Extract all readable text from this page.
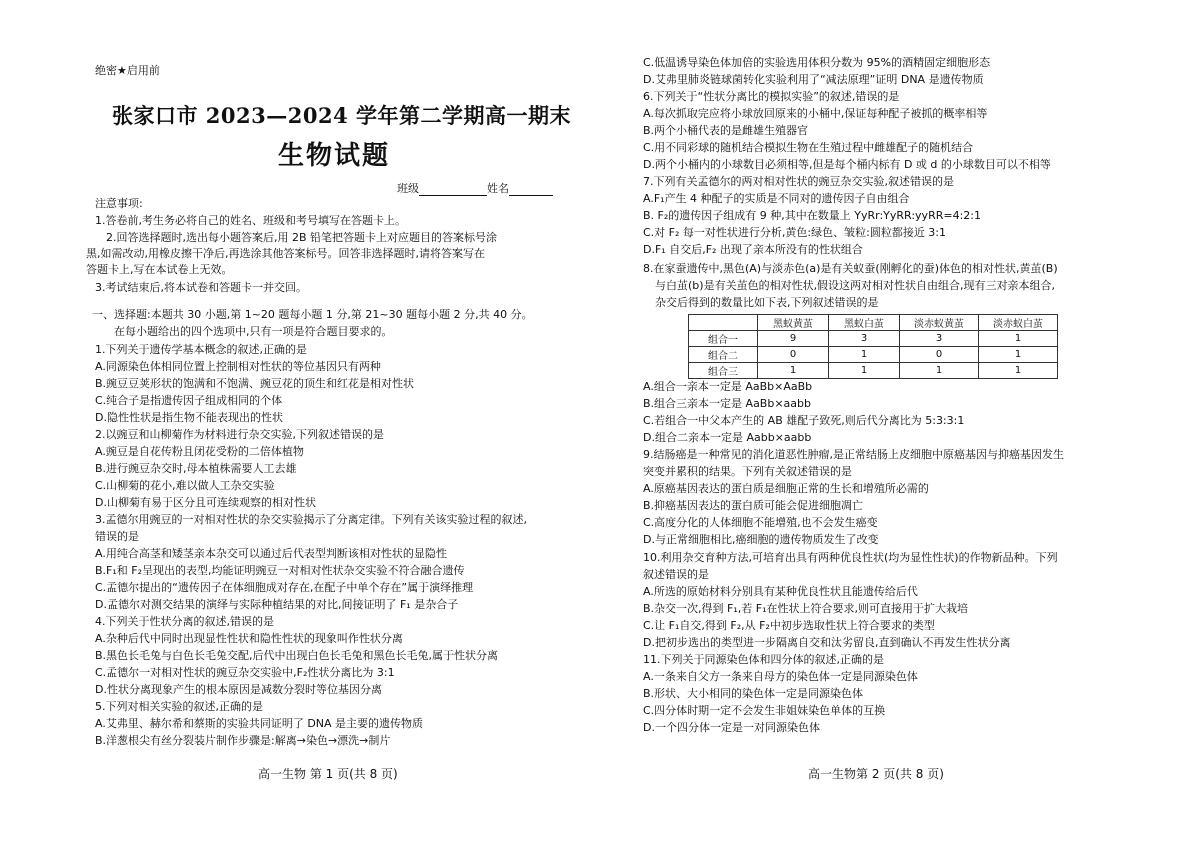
绝密★启用前
张家口市 2023—2024 学年第二学期高一期末
生物试题
班级	姓名
注意事项:
1.答卷前,考生务必将自己的姓名、班级和考号填写在答题卡上。
2.回答选择题时,选出每小题答案后,用 2B 铅笔把答题卡上对应题目的答案标号涂
黑,如需改动,用橡皮擦干净后,再选涂其他答案标号。回答非选择题时,请将答案写在
答题卡上,写在本试卷上无效。
3.考试结束后,将本试卷和答题卡一并交回。
一、选择题:本题共 30 小题,第 1~20 题每小题 1 分,第 21~30 题每小题 2 分,共 40 分。
在每小题给出的四个选项中,只有一项是符合题目要求的。
1.下列关于遗传学基本概念的叙述,正确的是
A.同源染色体相同位置上控制相对性状的等位基因只有两种
B.豌豆豆荚形状的饱满和不饱满、豌豆花的顶生和红花是相对性状
C.纯合子是指遗传因子组成相同的个体
D.隐性性状是指生物不能表现出的性状
2.以豌豆和山柳菊作为材料进行杂交实验,下列叙述错误的是
A.豌豆是自花传粉且闭花受粉的二倍体植物
B.进行豌豆杂交时,母本植株需要人工去雄
C.山柳菊的花小,难以做人工杂交实验
D.山柳菊有易于区分且可连续观察的相对性状
3.孟德尔用豌豆的一对相对性状的杂交实验揭示了分离定律。下列有关该实验过程的叙述,
错误的是
A.用纯合高茎和矮茎亲本杂交可以通过后代表型判断该相对性状的显隐性
B.F₁和 F₂呈现出的表型,均能证明豌豆一对相对性状杂交实验不符合融合遗传
C.孟德尔提出的“遗传因子在体细胞成对存在,在配子中单个存在”属于演绎推理
D.孟德尔对测交结果的演绎与实际种植结果的对比,间接证明了 F₁ 是杂合子
4.下列关于性状分离的叙述,错误的是
A.杂种后代中同时出现显性性状和隐性性状的现象叫作性状分离
B.黑色长毛兔与白色长毛兔交配,后代中出现白色长毛兔和黑色长毛兔,属于性状分离
C.孟德尔一对相对性状的豌豆杂交实验中,F₂性状分离比为 3:1
D.性状分离现象产生的根本原因是减数分裂时等位基因分离
5.下列对相关实验的叙述,正确的是
A.艾弗里、赫尔希和蔡斯的实验共同证明了 DNA 是主要的遗传物质
B.洋葱根尖有丝分裂装片制作步骤是:解离→染色→漂洗→制片
高一生物 第 1 页(共 8 页)
C.低温诱导染色体加倍的实验选用体积分数为 95%的酒精固定细胞形态
D.艾弗里肺炎链球菌转化实验利用了“减法原理”证明 DNA 是遗传物质
6.下列关于“性状分离比的模拟实验”的叙述,错误的是
A.每次抓取完应将小球放回原来的小桶中,保证每种配子被抓的概率相等
B.两个小桶代表的是雌雄生殖器官
C.用不同彩球的随机结合模拟生物在生殖过程中雌雄配子的随机结合
D.两个小桶内的小球数目必须相等,但是每个桶内标有 D 或 d 的小球数目可以不相等
7.下列有关孟德尔的两对相对性状的豌豆杂交实验,叙述错误的是
A.F₁产生 4 种配子的实质是不同对的遗传因子自由组合
B. F₂的遗传因子组成有 9 种,其中在数量上 YyRr:YyRR:yyRR=4:2:1
C.对 F₂ 每一对性状进行分析,黄色:绿色、皱粒:圆粒都接近 3:1
D.F₁ 自交后,F₂ 出现了亲本所没有的性状组合
8.在家蚕遗传中,黑色(A)与淡赤色(a)是有关蚁蚕(刚孵化的蚕)体色的相对性状,黄茧(B)
与白茧(b)是有关茧色的相对性状,假设这两对相对性状自由组合,现有三对亲本组合,
杂交后得到的数量比如下表,下列叙述错误的是
	黑蚁黄茧	黑蚁白茧	淡赤蚁黄茧	淡赤蚁白茧
组合一	9	3	3	1
组合二	0	1	0	1
组合三	1	1	1	1
A.组合一亲本一定是 AaBb×AaBb
B.组合三亲本一定是 AaBb×aabb
C.若组合一中父本产生的 AB 雄配子致死,则后代分离比为 5:3:3:1
D.组合二亲本一定是 Aabb×aabb
9.结肠癌是一种常见的消化道恶性肿瘤,是正常结肠上皮细胞中原癌基因与抑癌基因发生
突变并累积的结果。下列有关叙述错误的是
A.原癌基因表达的蛋白质是细胞正常的生长和增殖所必需的
B.抑癌基因表达的蛋白质可能会促进细胞凋亡
C.高度分化的人体细胞不能增殖,也不会发生癌变
D.与正常细胞相比,癌细胞的遗传物质发生了改变
10.利用杂交育种方法,可培育出具有两种优良性状(均为显性性状)的作物新品种。下列
叙述错误的是
A.所选的原始材料分别具有某种优良性状且能遗传给后代
B.杂交一次,得到 F₁,若 F₁在性状上符合要求,则可直接用于扩大栽培
C.让 F₁自交,得到 F₂,从 F₂中初步选取性状上符合要求的类型
D.把初步选出的类型进一步隔离自交和汰劣留良,直到确认不再发生性状分离
11.下列关于同源染色体和四分体的叙述,正确的是
A.一条来自父方一条来自母方的染色体一定是同源染色体
B.形状、大小相同的染色体一定是同源染色体
C.四分体时期一定不会发生非姐妹染色单体的互换
D.一个四分体一定是一对同源染色体
高一生物第 2 页(共 8 页)
